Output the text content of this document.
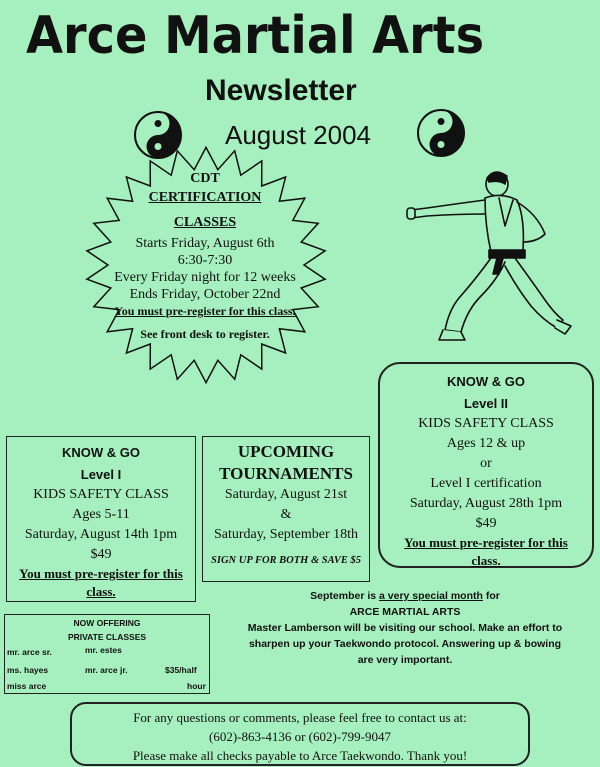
Arce Martial Arts
Newsletter
August 2004
CDT
CERTIFICATION
CLASSES
Starts Friday, August 6th
6:30-7:30
Every Friday night for 12 weeks
Ends Friday, October 22nd
You must pre-register for this class.
See front desk to register.
KNOW & GO
Level II
KIDS SAFETY CLASS
Ages 12 & up
or
Level I certification
Saturday, August 28th 1pm
$49
You must pre-register for this class.
KNOW & GO
Level I
KIDS SAFETY CLASS
Ages 5-11
Saturday, August 14th 1pm
$49
You must pre-register for this class.
UPCOMING
TOURNAMENTS
Saturday, August 21st
&
Saturday, September 18th
SIGN UP FOR BOTH & SAVE $5
NOW OFFERING
PRIVATE CLASSES
mr. arce sr.	mr. estes
ms. hayes	mr. arce jr.	$35/half
miss arce	hour
September is a very special month for
ARCE MARTIAL ARTS
Master Lamberson will be visiting our school. Make an effort to
sharpen up your Taekwondo protocol. Answering up & bowing
are very important.
For any questions or comments, please feel free to contact us at:
(602)-863-4136 or (602)-799-9047
Please make all checks payable to Arce Taekwondo. Thank you!
